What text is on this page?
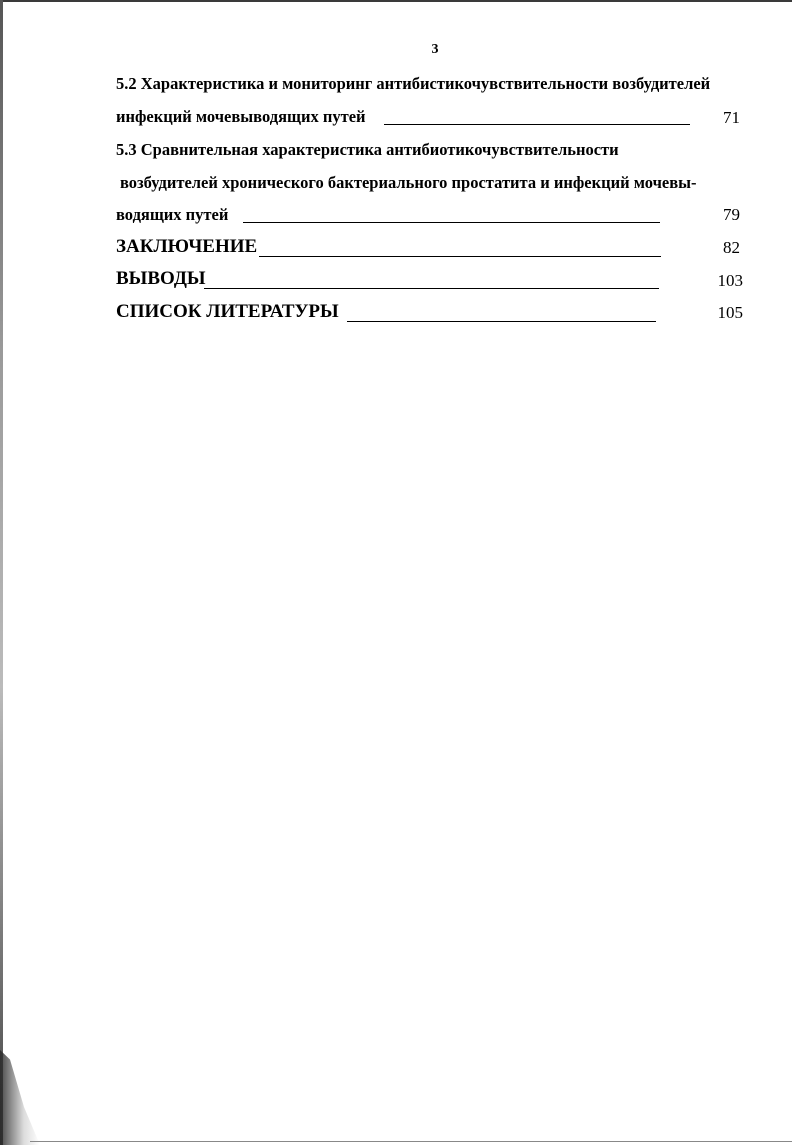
3
5.2 Характеристика и мониторинг антибистикочувствительности возбудителей
инфекций мочевыводящих путей	71
5.3 Сравнительная характеристика антибиотикочувствительности
возбудителей хронического бактериального простатита и инфекций мочевы-
водящих путей	79
ЗАКЛЮЧЕНИЕ	82
ВЫВОДЫ	103
СПИСОК ЛИТЕРАТУРЫ	105
